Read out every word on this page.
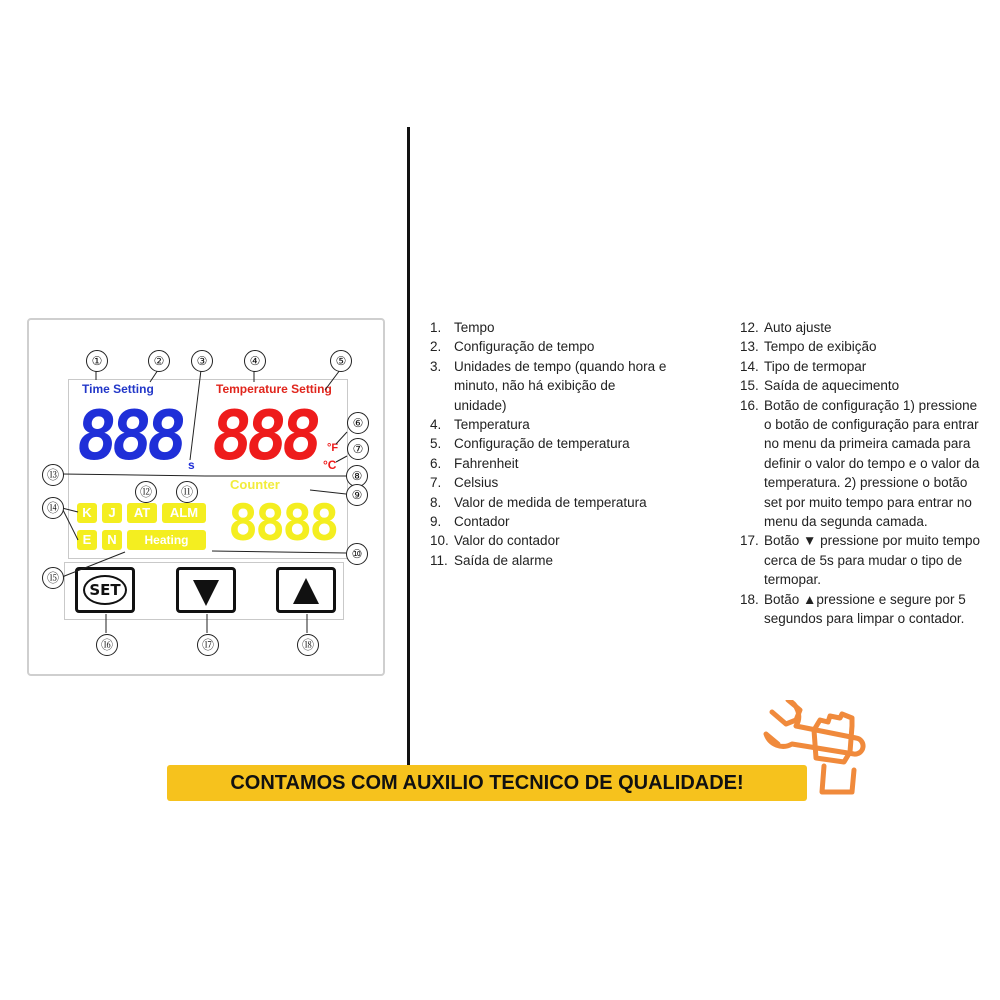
Time Setting	Temperature Setting
888 s 888 °F
°C
Counter
8888
K	J	AT	ALM
E	N	Heating
SET
①	②	③	④	⑤
⑥
⑦
⑧
⑨
⑩
⑪
⑫
⑬
⑭
⑮
⑯	⑰	⑱
1. Tempo
2. Configuração de tempo
3. Unidades de tempo (quando hora e minuto, não há exibição de unidade)
4. Temperatura
5. Configuração de temperatura
6. Fahrenheit
7. Celsius
8. Valor de medida de temperatura
9. Contador
10. Valor do contador
11. Saída de alarme
12. Auto ajuste
13. Tempo de exibição
14. Tipo de termopar
15. Saída de aquecimento
16. Botão de configuração 1) pressione o botão de configuração para entrar no menu da primeira camada para definir o valor do tempo e o valor da temperatura. 2) pressione o botão set por muito tempo para entrar no menu da segunda camada.
17. Botão ▼ pressione por muito tempo cerca de 5s para mudar o tipo de termopar.
18. Botão ▲pressione e segure por 5 segundos para limpar o contador.
CONTAMOS COM AUXILIO TECNICO DE QUALIDADE!
